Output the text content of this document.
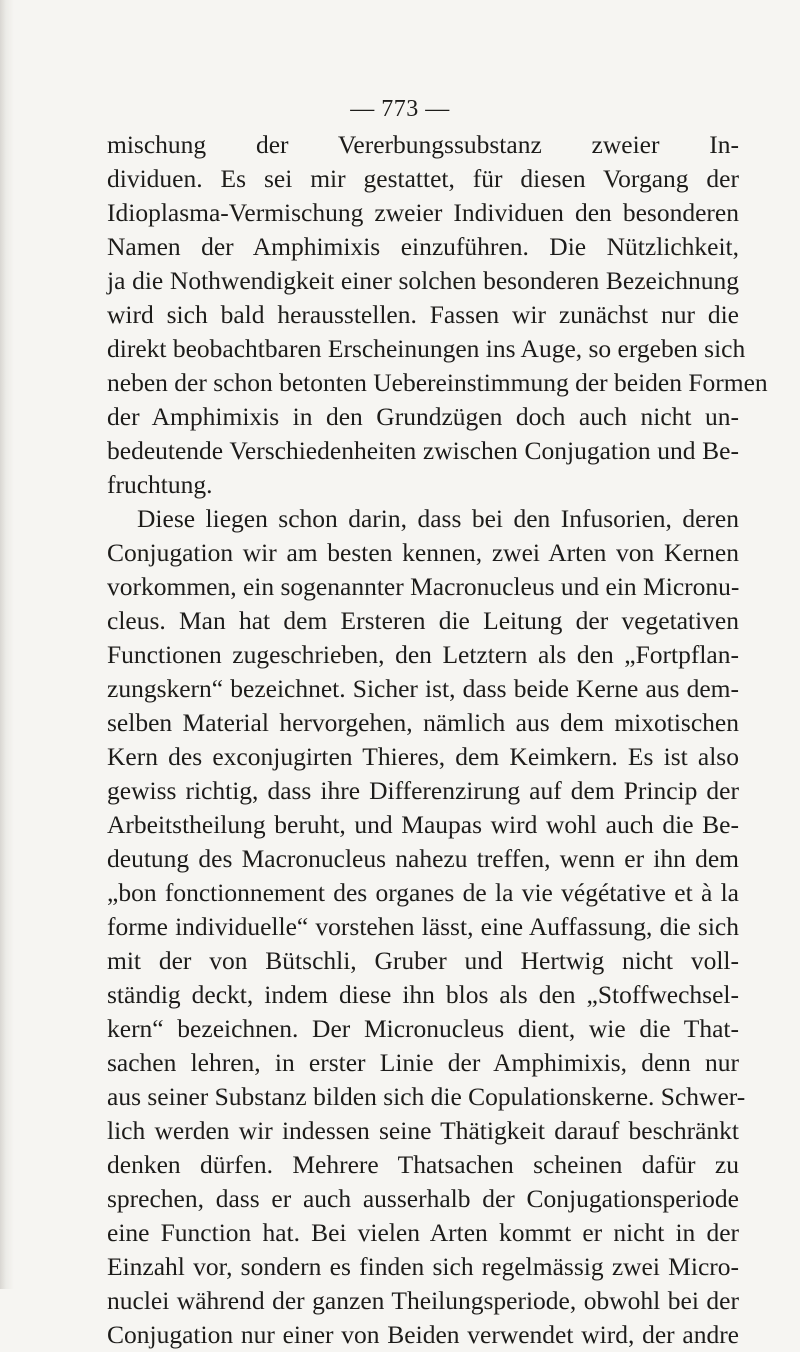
— 773 —
mischung der Vererbungssubstanz zweier In-
dividuen. Es sei mir gestattet, für diesen Vorgang der
Idioplasma-Vermischung zweier Individuen den besonderen
Namen der Amphimixis einzuführen. Die Nützlichkeit,
ja die Nothwendigkeit einer solchen besonderen Bezeichnung
wird sich bald herausstellen. Fassen wir zunächst nur die
direkt beobachtbaren Erscheinungen ins Auge, so ergeben sich
neben der schon betonten Uebereinstimmung der beiden Formen
der Amphimixis in den Grundzügen doch auch nicht un-
bedeutende Verschiedenheiten zwischen Conjugation und Be-
fruchtung.
Diese liegen schon darin, dass bei den Infusorien, deren
Conjugation wir am besten kennen, zwei Arten von Kernen
vorkommen, ein sogenannter Macronucleus und ein Micronu-
cleus. Man hat dem Ersteren die Leitung der vegetativen
Functionen zugeschrieben, den Letztern als den „Fortpflan-
zungskern“ bezeichnet. Sicher ist, dass beide Kerne aus dem-
selben Material hervorgehen, nämlich aus dem mixotischen
Kern des exconjugirten Thieres, dem Keimkern. Es ist also
gewiss richtig, dass ihre Differenzirung auf dem Princip der
Arbeitstheilung beruht, und Maupas wird wohl auch die Be-
deutung des Macronucleus nahezu treffen, wenn er ihn dem
„bon fonctionnement des organes de la vie végétative et à la
forme individuelle“ vorstehen lässt, eine Auffassung, die sich
mit der von Bütschli, Gruber und Hertwig nicht voll-
ständig deckt, indem diese ihn blos als den „Stoffwechsel-
kern“ bezeichnen. Der Micronucleus dient, wie die That-
sachen lehren, in erster Linie der Amphimixis, denn nur
aus seiner Substanz bilden sich die Copulationskerne. Schwer-
lich werden wir indessen seine Thätigkeit darauf beschränkt
denken dürfen. Mehrere Thatsachen scheinen dafür zu
sprechen, dass er auch ausserhalb der Conjugationsperiode
eine Function hat. Bei vielen Arten kommt er nicht in der
Einzahl vor, sondern es finden sich regelmässig zwei Micro-
nuclei während der ganzen Theilungsperiode, obwohl bei der
Conjugation nur einer von Beiden verwendet wird, der andre
